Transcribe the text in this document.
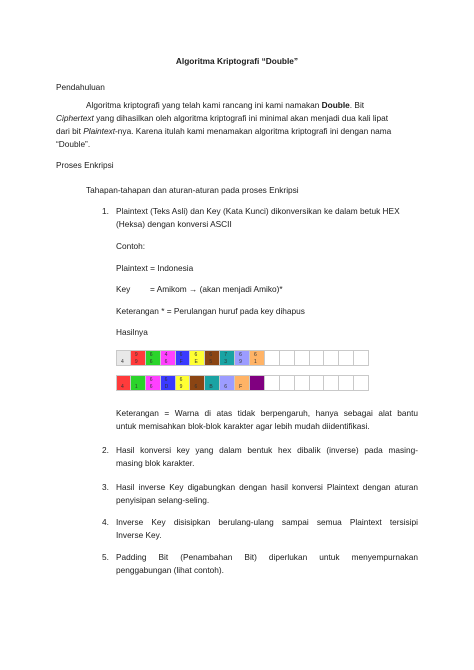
Algoritma Kriptografi “Double”
Pendahuluan
Algoritma kriptografi yang telah kami rancang ini kami namakan Double. Bit
Ciphertext yang dihasilkan oleh algoritma kriptografi ini minimal akan menjadi dua kali lipat
dari bit Plaintext-nya. Karena itulah kami menamakan algoritma kriptografi ini dengan nama
“Double”.
Proses Enkripsi
Tahapan-tahapan dan aturan-aturan pada proses Enkripsi
1. Plaintext (Teks Asli) dan Key (Kata Kunci) dikonversikan ke dalam betuk HEX
(Heksa) dengan konversi ASCII
Contoh:
Plaintext = Indonesia
Key = Amikom → (akan menjadi Amiko)*
Keterangan * = Perulangan huruf pada key dihapus
Hasilnya
4
9
9
6
6
4
6
6
F
6
E
6
5
7
3
6
9
6
1
4 1
6
6
6
D
6
9 6 B 6 F
Keterangan = Warna di atas tidak berpengaruh, hanya sebagai alat bantu
untuk memisahkan blok-blok karakter agar lebih mudah diidentifikasi.
2. Hasil konversi key yang dalam bentuk hex dibalik (inverse) pada masing-
masing blok karakter.
3. Hasil inverse Key digabungkan dengan hasil konversi Plaintext dengan aturan
penyisipan selang-seling.
4. Inverse Key disisipkan berulang-ulang sampai semua Plaintext tersisipi
Inverse Key.
5. Padding Bit (Penambahan Bit) diperlukan untuk menyempurnakan
penggabungan (lihat contoh).
